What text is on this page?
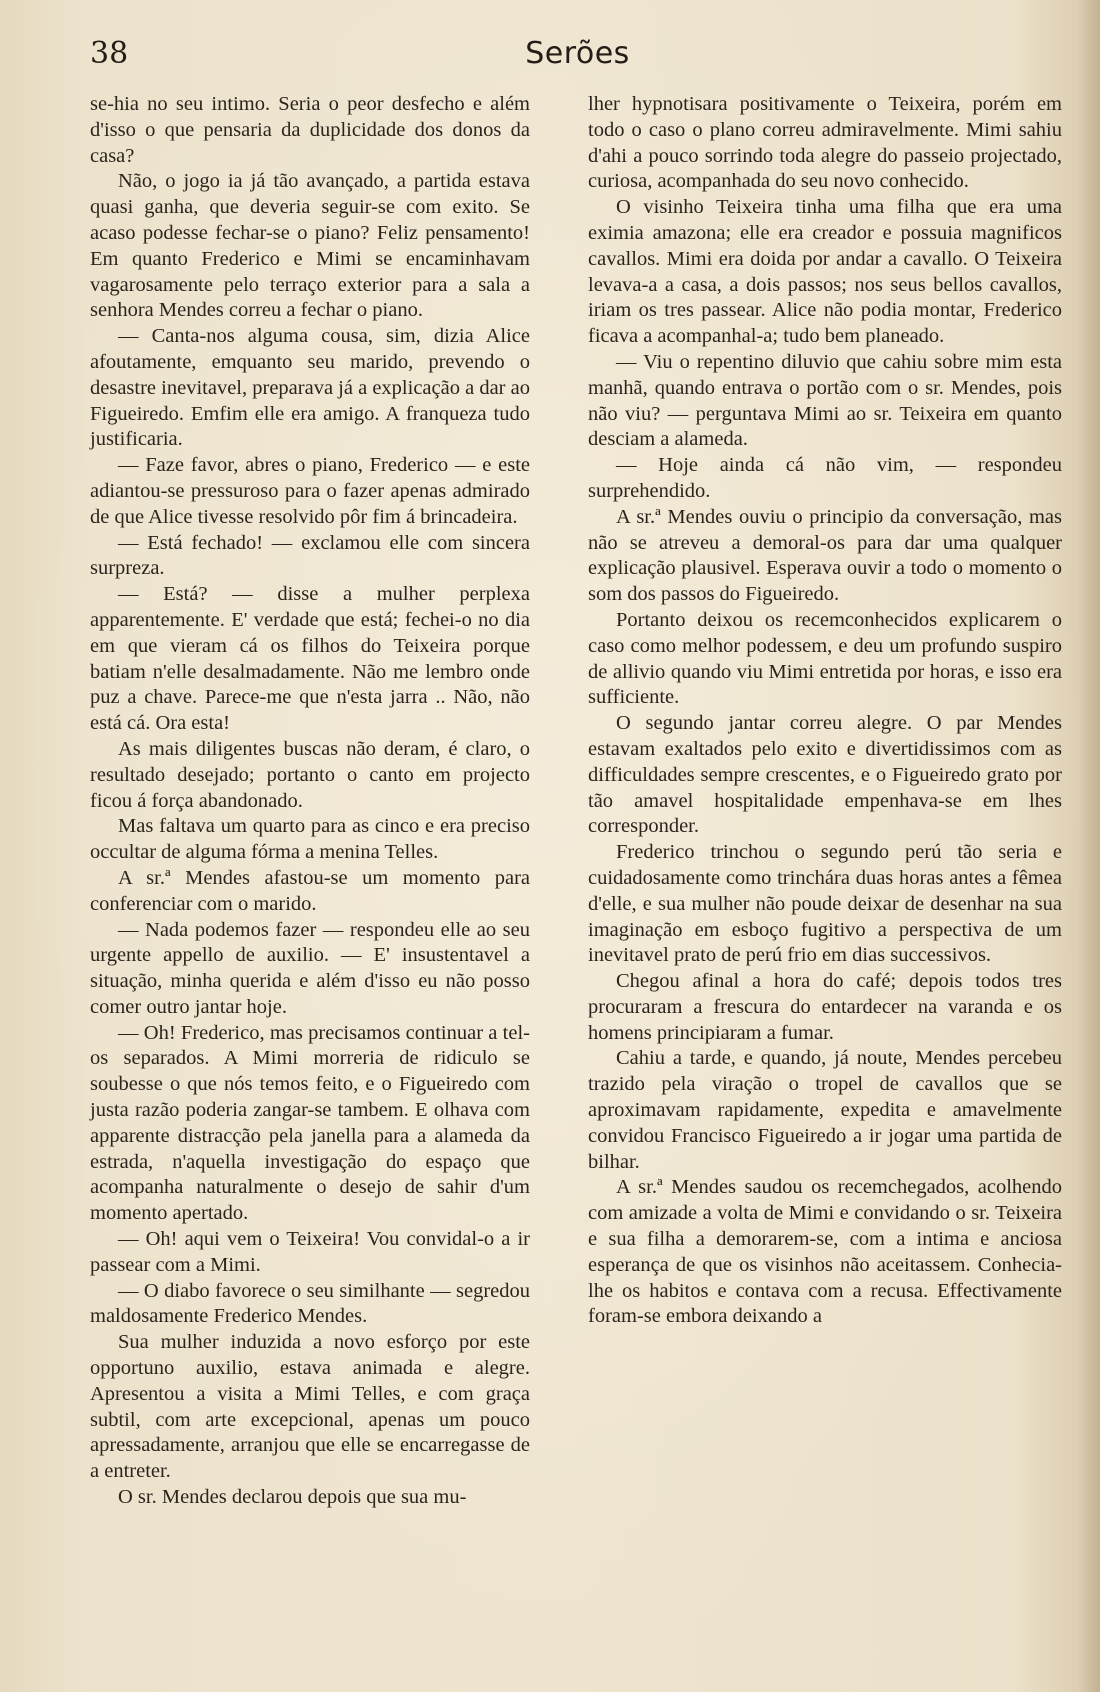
38	Serões

se-hia no seu intimo. Seria o peor desfecho e além d'isso o que pensaria da duplicidade dos donos da casa?

Não, o jogo ia já tão avançado, a partida estava quasi ganha, que deveria seguir-se com exito. Se acaso podesse fechar-se o piano? Feliz pensamento! Em quanto Frederico e Mimi se encaminhavam vagarosamente pelo terraço exterior para a sala a senhora Mendes correu a fechar o piano.

— Canta-nos alguma cousa, sim, dizia Alice afoutamente, emquanto seu marido, prevendo o desastre inevitavel, preparava já a explicação a dar ao Figueiredo. Emfim elle era amigo. A franqueza tudo justificaria.

— Faze favor, abres o piano, Frederico — e este adiantou-se pressuroso para o fazer apenas admirado de que Alice tivesse resolvido pôr fim á brincadeira.

— Está fechado! — exclamou elle com sincera surpreza.

— Está? — disse a mulher perplexa apparentemente. E' verdade que está; fechei-o no dia em que vieram cá os filhos do Teixeira porque batiam n'elle desalmadamente. Não me lembro onde puz a chave. Parece-me que n'esta jarra .. Não, não está cá. Ora esta!

As mais diligentes buscas não deram, é claro, o resultado desejado; portanto o canto em projecto ficou á força abandonado.

Mas faltava um quarto para as cinco e era preciso occultar de alguma fórma a menina Telles.

A sr.ª Mendes afastou-se um momento para conferenciar com o marido.

— Nada podemos fazer — respondeu elle ao seu urgente appello de auxilio. — E' insustentavel a situação, minha querida e além d'isso eu não posso comer outro jantar hoje.

— Oh! Frederico, mas precisamos continuar a tel-os separados. A Mimi morreria de ridiculo se soubesse o que nós temos feito, e o Figueiredo com justa razão poderia zangar-se tambem. E olhava com apparente distracção pela janella para a alameda da estrada, n'aquella investigação do espaço que acompanha naturalmente o desejo de sahir d'um momento apertado.

— Oh! aqui vem o Teixeira! Vou convidal-o a ir passear com a Mimi.

— O diabo favorece o seu similhante — segredou maldosamente Frederico Mendes.

Sua mulher induzida a novo esforço por este opportuno auxilio, estava animada e alegre. Apresentou a visita a Mimi Telles, e com graça subtil, com arte excepcional, apenas um pouco apressadamente, arranjou que elle se encarregasse de a entreter.

O sr. Mendes declarou depois que sua mu-

lher hypnotisara positivamente o Teixeira, porém em todo o caso o plano correu admiravelmente. Mimi sahiu d'ahi a pouco sorrindo toda alegre do passeio projectado, curiosa, acompanhada do seu novo conhecido.

O visinho Teixeira tinha uma filha que era uma eximia amazona; elle era creador e possuia magnificos cavallos. Mimi era doida por andar a cavallo. O Teixeira levava-a a casa, a dois passos; nos seus bellos cavallos, iriam os tres passear. Alice não podia montar, Frederico ficava a acompanhal-a; tudo bem planeado.

— Viu o repentino diluvio que cahiu sobre mim esta manhã, quando entrava o portão com o sr. Mendes, pois não viu? — perguntava Mimi ao sr. Teixeira em quanto desciam a alameda.

— Hoje ainda cá não vim, — respondeu surprehendido.

A sr.ª Mendes ouviu o principio da conversação, mas não se atreveu a demoral-os para dar uma qualquer explicação plausivel. Esperava ouvir a todo o momento o som dos passos do Figueiredo.

Portanto deixou os recemconhecidos explicarem o caso como melhor podessem, e deu um profundo suspiro de allivio quando viu Mimi entretida por horas, e isso era sufficiente.

O segundo jantar correu alegre. O par Mendes estavam exaltados pelo exito e divertidissimos com as difficuldades sempre crescentes, e o Figueiredo grato por tão amavel hospitalidade empenhava-se em lhes corresponder.

Frederico trinchou o segundo perú tão seria e cuidadosamente como trinchára duas horas antes a fêmea d'elle, e sua mulher não poude deixar de desenhar na sua imaginação em esboço fugitivo a perspectiva de um inevitavel prato de perú frio em dias successivos.

Chegou afinal a hora do café; depois todos tres procuraram a frescura do entardecer na varanda e os homens principiaram a fumar.

Cahiu a tarde, e quando, já noute, Mendes percebeu trazido pela viração o tropel de cavallos que se aproximavam rapidamente, expedita e amavelmente convidou Francisco Figueiredo a ir jogar uma partida de bilhar.

A sr.ª Mendes saudou os recemchegados, acolhendo com amizade a volta de Mimi e convidando o sr. Teixeira e sua filha a demorarem-se, com a intima e anciosa esperança de que os visinhos não aceitassem. Conhecia-lhe os habitos e contava com a recusa. Effectivamente foram-se embora deixando a
